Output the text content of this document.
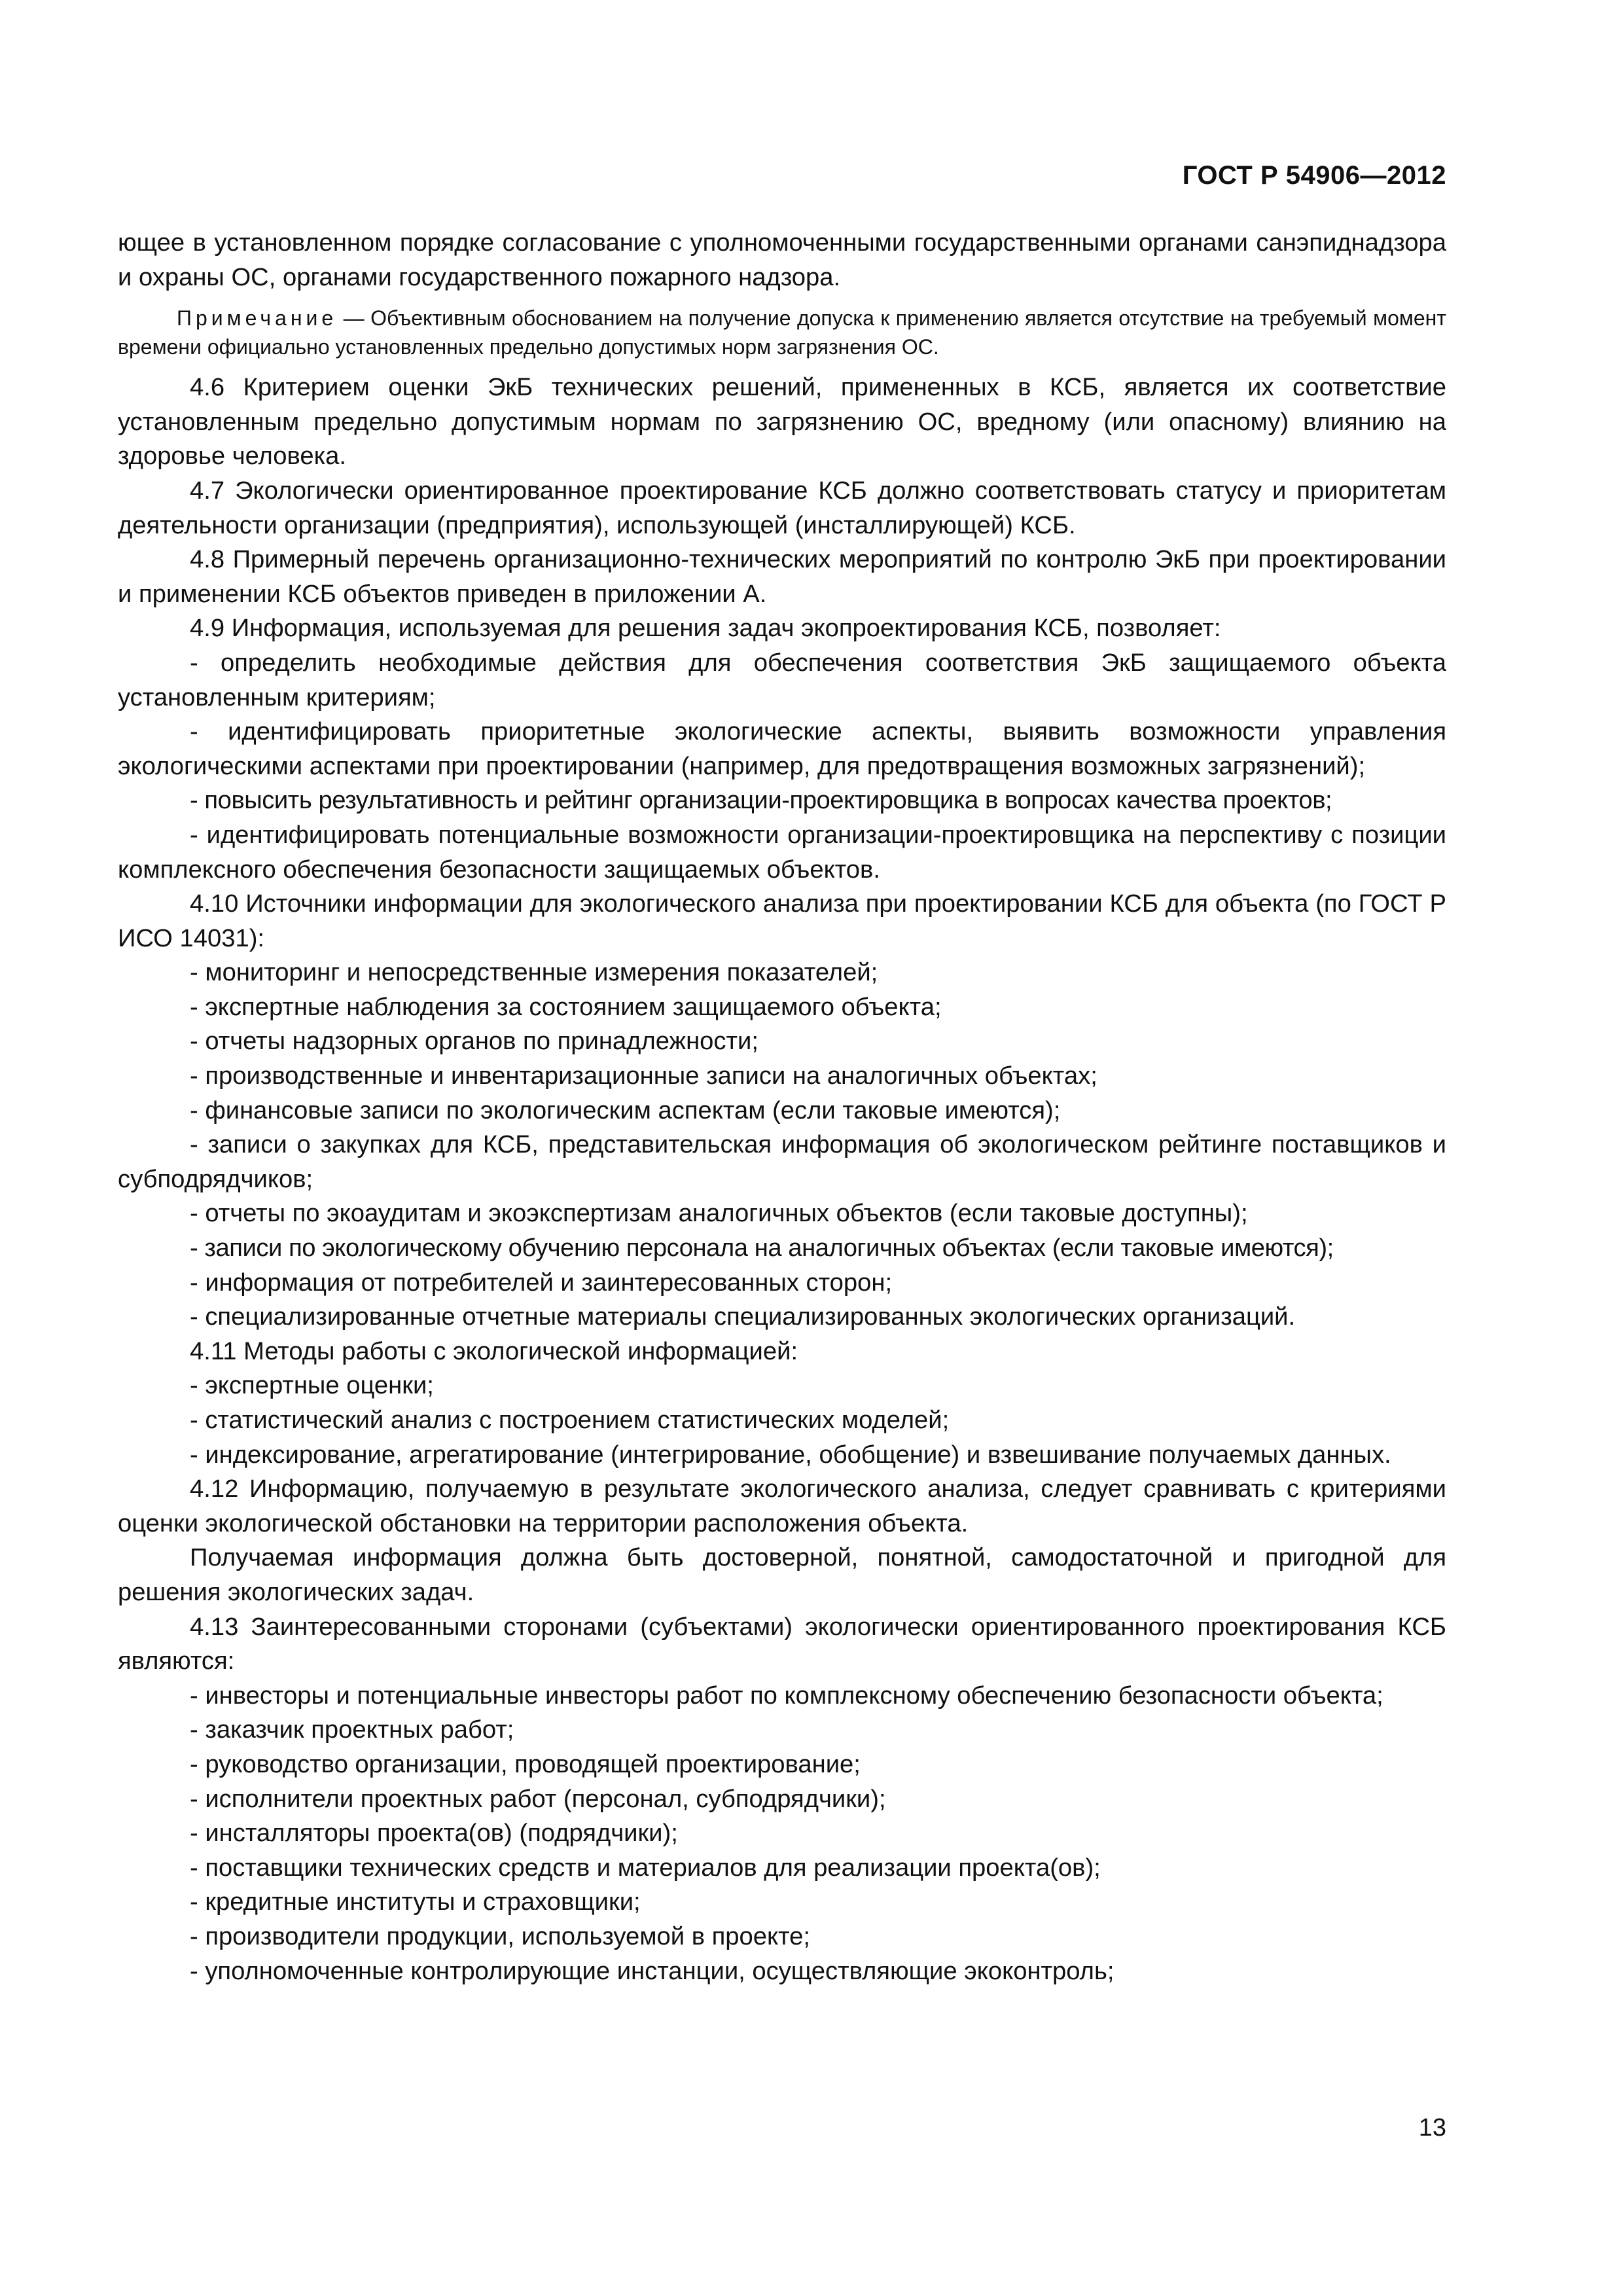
ГОСТ Р 54906—2012

ющее в установленном порядке согласование с уполномоченными государственными органами санэпиднадзора и охраны ОС, органами государственного пожарного надзора.

Примечание — Объективным обоснованием на получение допуска к применению является отсутствие на требуемый момент времени официально установленных предельно допустимых норм загрязнения ОС.

4.6 Критерием оценки ЭкБ технических решений, примененных в КСБ, является их соответствие установленным предельно допустимым нормам по загрязнению ОС, вредному (или опасному) влиянию на здоровье человека.

4.7 Экологически ориентированное проектирование КСБ должно соответствовать статусу и приоритетам деятельности организации (предприятия), использующей (инсталлирующей) КСБ.

4.8 Примерный перечень организационно-технических мероприятий по контролю ЭкБ при проектировании и применении КСБ объектов приведен в приложении А.

4.9 Информация, используемая для решения задач экопроектирования КСБ, позволяет:

- определить необходимые действия для обеспечения соответствия ЭкБ защищаемого объекта установленным критериям;

- идентифицировать приоритетные экологические аспекты, выявить возможности управления экологическими аспектами при проектировании (например, для предотвращения возможных загрязнений);

- повысить результативность и рейтинг организации-проектировщика в вопросах качества проектов;

- идентифицировать потенциальные возможности организации-проектировщика на перспективу с позиции комплексного обеспечения безопасности защищаемых объектов.

4.10 Источники информации для экологического анализа при проектировании КСБ для объекта (по ГОСТ Р ИСО 14031):

- мониторинг и непосредственные измерения показателей;

- экспертные наблюдения за состоянием защищаемого объекта;

- отчеты надзорных органов по принадлежности;

- производственные и инвентаризационные записи на аналогичных объектах;

- финансовые записи по экологическим аспектам (если таковые имеются);

- записи о закупках для КСБ, представительская информация об экологическом рейтинге поставщиков и субподрядчиков;

- отчеты по экоаудитам и экоэкспертизам аналогичных объектов (если таковые доступны);

- записи по экологическому обучению персонала на аналогичных объектах (если таковые имеются);

- информация от потребителей и заинтересованных сторон;

- специализированные отчетные материалы специализированных экологических организаций.

4.11 Методы работы с экологической информацией:

- экспертные оценки;

- статистический анализ с построением статистических моделей;

- индексирование, агрегатирование (интегрирование, обобщение) и взвешивание получаемых данных.

4.12 Информацию, получаемую в результате экологического анализа, следует сравнивать с критериями оценки экологической обстановки на территории расположения объекта.

Получаемая информация должна быть достоверной, понятной, самодостаточной и пригодной для решения экологических задач.

4.13 Заинтересованными сторонами (субъектами) экологически ориентированного проектирования КСБ являются:

- инвесторы и потенциальные инвесторы работ по комплексному обеспечению безопасности объекта;

- заказчик проектных работ;

- руководство организации, проводящей проектирование;

- исполнители проектных работ (персонал, субподрядчики);

- инсталляторы проекта(ов) (подрядчики);

- поставщики технических средств и материалов для реализации проекта(ов);

- кредитные институты и страховщики;

- производители продукции, используемой в проекте;

- уполномоченные контролирующие инстанции, осуществляющие экоконтроль;

13
